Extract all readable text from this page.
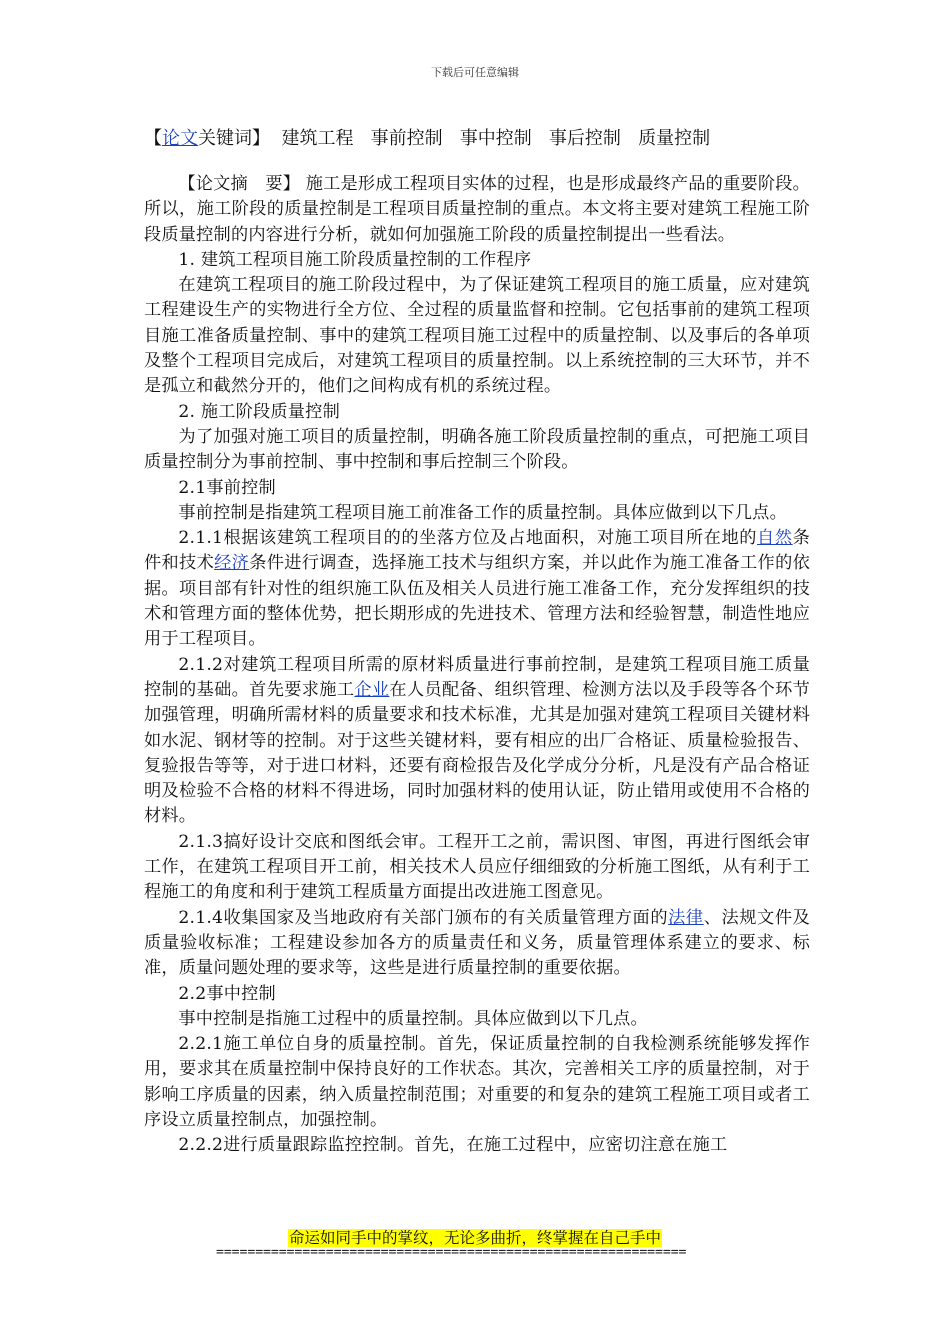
下载后可任意编辑
【论文关键词】  建筑工程   事前控制   事中控制   事后控制   质量控制

【论文摘　要】 施工是形成工程项目实体的过程，也是形成最终产品的重要阶段。所以，施工阶段的质量控制是工程项目质量控制的重点。本文将主要对建筑工程施工阶段质量控制的内容进行分析，就如何加强施工阶段的质量控制提出一些看法。

1. 建筑工程项目施工阶段质量控制的工作程序

在建筑工程项目的施工阶段过程中，为了保证建筑工程项目的施工质量，应对建筑工程建设生产的实物进行全方位、全过程的质量监督和控制。它包括事前的建筑工程项目施工准备质量控制、事中的建筑工程项目施工过程中的质量控制、以及事后的各单项及整个工程项目完成后，对建筑工程项目的质量控制。以上系统控制的三大环节，并不是孤立和截然分开的，他们之间构成有机的系统过程。

2. 施工阶段质量控制

为了加强对施工项目的质量控制，明确各施工阶段质量控制的重点，可把施工项目质量控制分为事前控制、事中控制和事后控制三个阶段。

2.1事前控制

事前控制是指建筑工程项目施工前准备工作的质量控制。具体应做到以下几点。

2.1.1根据该建筑工程项目的的坐落方位及占地面积，对施工项目所在地的自然条件和技术经济条件进行调查，选择施工技术与组织方案，并以此作为施工准备工作的依据。项目部有针对性的组织施工队伍及相关人员进行施工准备工作，充分发挥组织的技术和管理方面的整体优势，把长期形成的先进技术、管理方法和经验智慧，制造性地应用于工程项目。

2.1.2对建筑工程项目所需的原材料质量进行事前控制，是建筑工程项目施工质量控制的基础。首先要求施工企业在人员配备、组织管理、检测方法以及手段等各个环节加强管理，明确所需材料的质量要求和技术标准，尤其是加强对建筑工程项目关键材料如水泥、钢材等的控制。对于这些关键材料，要有相应的出厂合格证、质量检验报告、复验报告等等，对于进口材料，还要有商检报告及化学成分分析，凡是没有产品合格证明及检验不合格的材料不得进场，同时加强材料的使用认证，防止错用或使用不合格的材料。

2.1.3搞好设计交底和图纸会审。工程开工之前，需识图、审图，再进行图纸会审工作，在建筑工程项目开工前，相关技术人员应仔细细致的分析施工图纸，从有利于工程施工的角度和利于建筑工程质量方面提出改进施工图意见。

2.1.4收集国家及当地政府有关部门颁布的有关质量管理方面的法律、法规文件及质量验收标准；工程建设参加各方的质量责任和义务，质量管理体系建立的要求、标准，质量问题处理的要求等，这些是进行质量控制的重要依据。

2.2事中控制

事中控制是指施工过程中的质量控制。具体应做到以下几点。

2.2.1施工单位自身的质量控制。首先，保证质量控制的自我检测系统能够发挥作用，要求其在质量控制中保持良好的工作状态。其次，完善相关工序的质量控制，对于影响工序质量的因素，纳入质量控制范围；对重要的和复杂的建筑工程施工项目或者工序设立质量控制点，加强控制。

2.2.2进行质量跟踪监控控制。首先，在施工过程中，应密切注意在施工

命运如同手中的掌纹，无论多曲折，终掌握在自己手中
============================================================
